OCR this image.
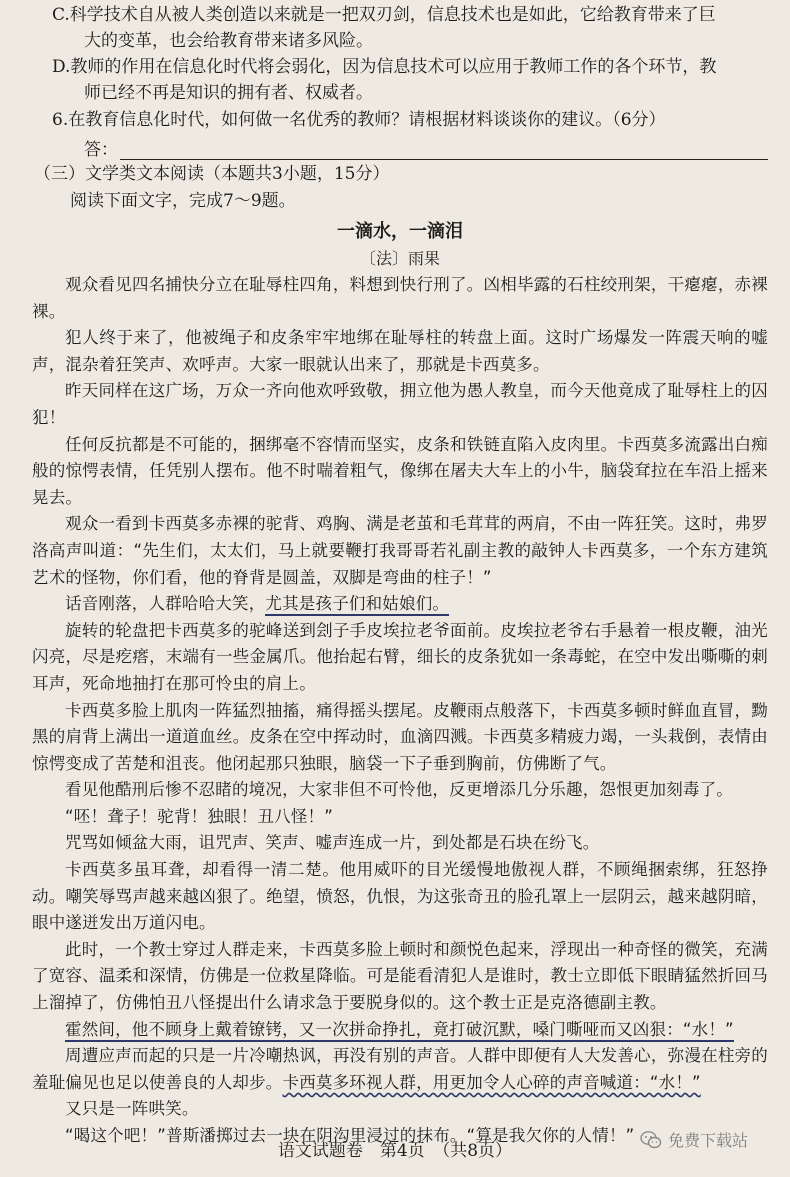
C.科学技术自从被人类创造以来就是一把双刃剑，信息技术也是如此，它给教育带来了巨
大的变革，也会给教育带来诸多风险。

D.教师的作用在信息化时代将会弱化，因为信息技术可以应用于教师工作的各个环节，教
师已经不再是知识的拥有者、权威者。

6.在教育信息化时代，如何做一名优秀的教师？请根据材料谈谈你的建议。（6分）

答：

（三）文学类文本阅读（本题共3小题，15分）

阅读下面文字，完成7～9题。

一滴水，一滴泪

〔法〕雨果

观众看见四名捕快分立在耻辱柱四角，料想到快行刑了。凶相毕露的石柱绞刑架，干瘪瘪，赤裸裸。

犯人终于来了，他被绳子和皮条牢牢地绑在耻辱柱的转盘上面。这时广场爆发一阵震天响的嘘声，混杂着狂笑声、欢呼声。大家一眼就认出来了，那就是卡西莫多。

昨天同样在这广场，万众一齐向他欢呼致敬，拥立他为愚人教皇，而今天他竟成了耻辱柱上的囚犯！

任何反抗都是不可能的，捆绑毫不容情而坚实，皮条和铁链直陷入皮肉里。卡西莫多流露出白痴般的惊愕表情，任凭别人摆布。他不时喘着粗气，像绑在屠夫大车上的小牛，脑袋耷拉在车沿上摇来晃去。

观众一看到卡西莫多赤裸的驼背、鸡胸、满是老茧和毛茸茸的两肩，不由一阵狂笑。这时，弗罗洛高声叫道：“先生们，太太们，马上就要鞭打我哥哥若礼副主教的敲钟人卡西莫多，一个东方建筑艺术的怪物，你们看，他的脊背是圆盖，双脚是弯曲的柱子！”

话音刚落，人群哈哈大笑，尤其是孩子们和姑娘们。

旋转的轮盘把卡西莫多的驼峰送到刽子手皮埃拉老爷面前。皮埃拉老爷右手悬着一根皮鞭，油光闪亮，尽是疙瘩，末端有一些金属爪。他抬起右臂，细长的皮条犹如一条毒蛇，在空中发出嘶嘶的刺耳声，死命地抽打在那可怜虫的肩上。

卡西莫多脸上肌肉一阵猛烈抽搐，痛得摇头摆尾。皮鞭雨点般落下，卡西莫多顿时鲜血直冒，黝黑的肩背上满出一道道血丝。皮条在空中挥动时，血滴四溅。卡西莫多精疲力竭，一头栽倒，表情由惊愕变成了苦楚和沮丧。他闭起那只独眼，脑袋一下子垂到胸前，仿佛断了气。

看见他酷刑后惨不忍睹的境况，大家非但不可怜他，反更增添几分乐趣，怨恨更加刻毒了。

“呸！聋子！驼背！独眼！丑八怪！”

咒骂如倾盆大雨，诅咒声、笑声、嘘声连成一片，到处都是石块在纷飞。

卡西莫多虽耳聋，却看得一清二楚。他用威吓的目光缓慢地傲视人群，不顾绳捆索绑，狂怒挣动。嘲笑辱骂声越来越凶狠了。绝望，愤怒，仇恨，为这张奇丑的脸孔罩上一层阴云，越来越阴暗，眼中遂迸发出万道闪电。

此时，一个教士穿过人群走来，卡西莫多脸上顿时和颜悦色起来，浮现出一种奇怪的微笑，充满了宽容、温柔和深情，仿佛是一位救星降临。可是能看清犯人是谁时，教士立即低下眼睛猛然折回马上溜掉了，仿佛怕丑八怪提出什么请求急于要脱身似的。这个教士正是克洛德副主教。

霍然间，他不顾身上戴着镣铐，又一次拼命挣扎，竟打破沉默，嗓门嘶哑而又凶狠：“水！”

周遭应声而起的只是一片冷嘲热讽，再没有别的声音。人群中即便有人大发善心，弥漫在柱旁的羞耻偏见也足以使善良的人却步。卡西莫多环视人群，用更加令人心碎的声音喊道：“水！”

又只是一阵哄笑。

“喝这个吧！”普斯潘掷过去一块在阴沟里浸过的抹布。“算是我欠你的人情！”

语文试题卷　第4页　（共8页）
免费下载站
